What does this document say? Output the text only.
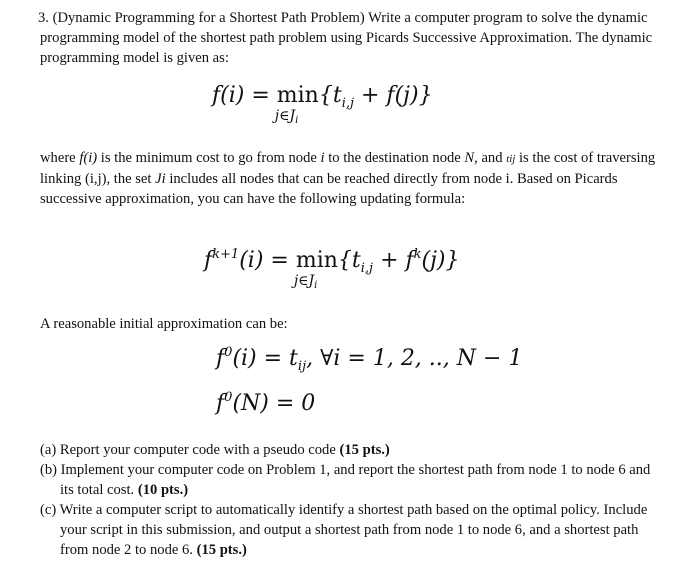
3. (Dynamic Programming for a Shortest Path Problem) Write a computer program to solve the dynamic programming model of the shortest path problem using Picards Successive Approximation. The dynamic programming model is given as:

f(i) = min
$j\in J_i$
$\{t_{i,j} + f(j)\}$

where f(i) is the minimum cost to go from node i to the destination node N, and tij is the cost of traversing linking (i,j), the set Ji includes all nodes that can be reached directly from node i. Based on Picards successive approximation, you can have the following updating formula:

$f^{k+1}(i) = \min$
$j\in J_i$
$\{t_{i,j} + f^k(j)\}$

A reasonable initial approximation can be:

$f^0(i) = t_{ij}$, ∀i = 1, 2, .., N − 1
$f^0(N) = 0$
(a) Report your computer code with a pseudo code (15 pts.)
(b) Implement your computer code on Problem 1, and report the shortest path from node 1 to node 6 and its total cost. (10 pts.)
(c) Write a computer script to automatically identify a shortest path based on the optimal policy. Include your script in this submission, and output a shortest path from node 1 to node 6, and a shortest path from node 2 to node 6. (15 pts.)
